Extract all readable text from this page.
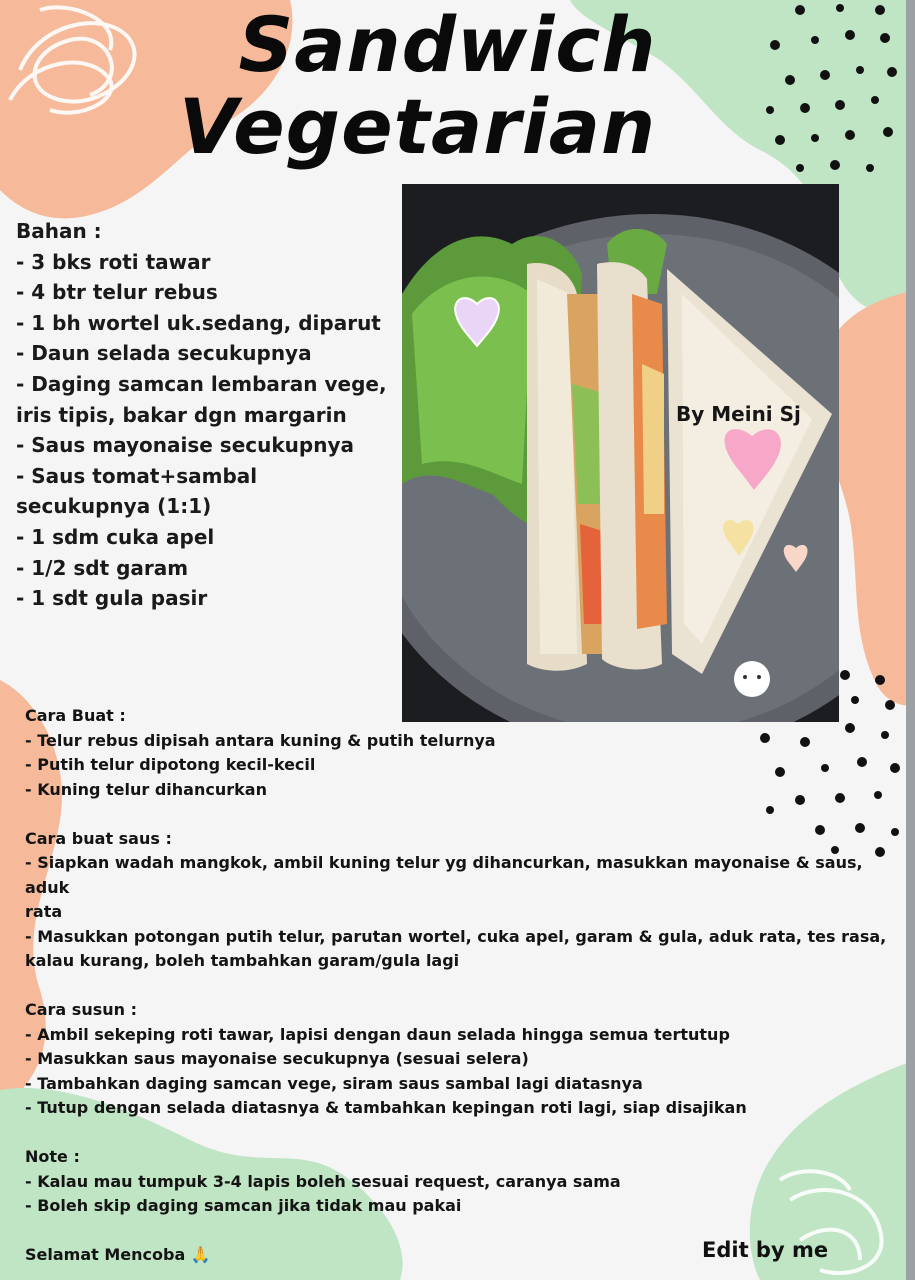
Sandwich
Vegetarian
Bahan :
- 3 bks roti tawar
- 4 btr telur rebus
- 1 bh wortel uk.sedang, diparut
- Daun selada secukupnya
- Daging samcan lembaran vege,
iris tipis, bakar dgn margarin
- Saus mayonaise secukupnya
- Saus tomat+sambal
secukupnya (1:1)
- 1 sdm cuka apel
- 1/2 sdt garam
- 1 sdt gula pasir
By Meini Sj
Cara Buat :
- Telur rebus dipisah antara kuning & putih telurnya
- Putih telur dipotong kecil-kecil
- Kuning telur dihancurkan
Cara buat saus :
- Siapkan wadah mangkok, ambil kuning telur yg dihancurkan, masukkan mayonaise & saus, aduk
rata
- Masukkan potongan putih telur, parutan wortel, cuka apel, garam & gula, aduk rata, tes rasa,
kalau kurang, boleh tambahkan garam/gula lagi
Cara susun :
- Ambil sekeping roti tawar, lapisi dengan daun selada hingga semua tertutup
- Masukkan saus mayonaise secukupnya (sesuai selera)
- Tambahkan daging samcan vege, siram saus sambal lagi diatasnya
- Tutup dengan selada diatasnya & tambahkan kepingan roti lagi, siap disajikan
Note :
- Kalau mau tumpuk 3-4 lapis boleh sesuai request, caranya sama
- Boleh skip daging samcan jika tidak mau pakai
Selamat Mencoba 🙏	Edit by me
